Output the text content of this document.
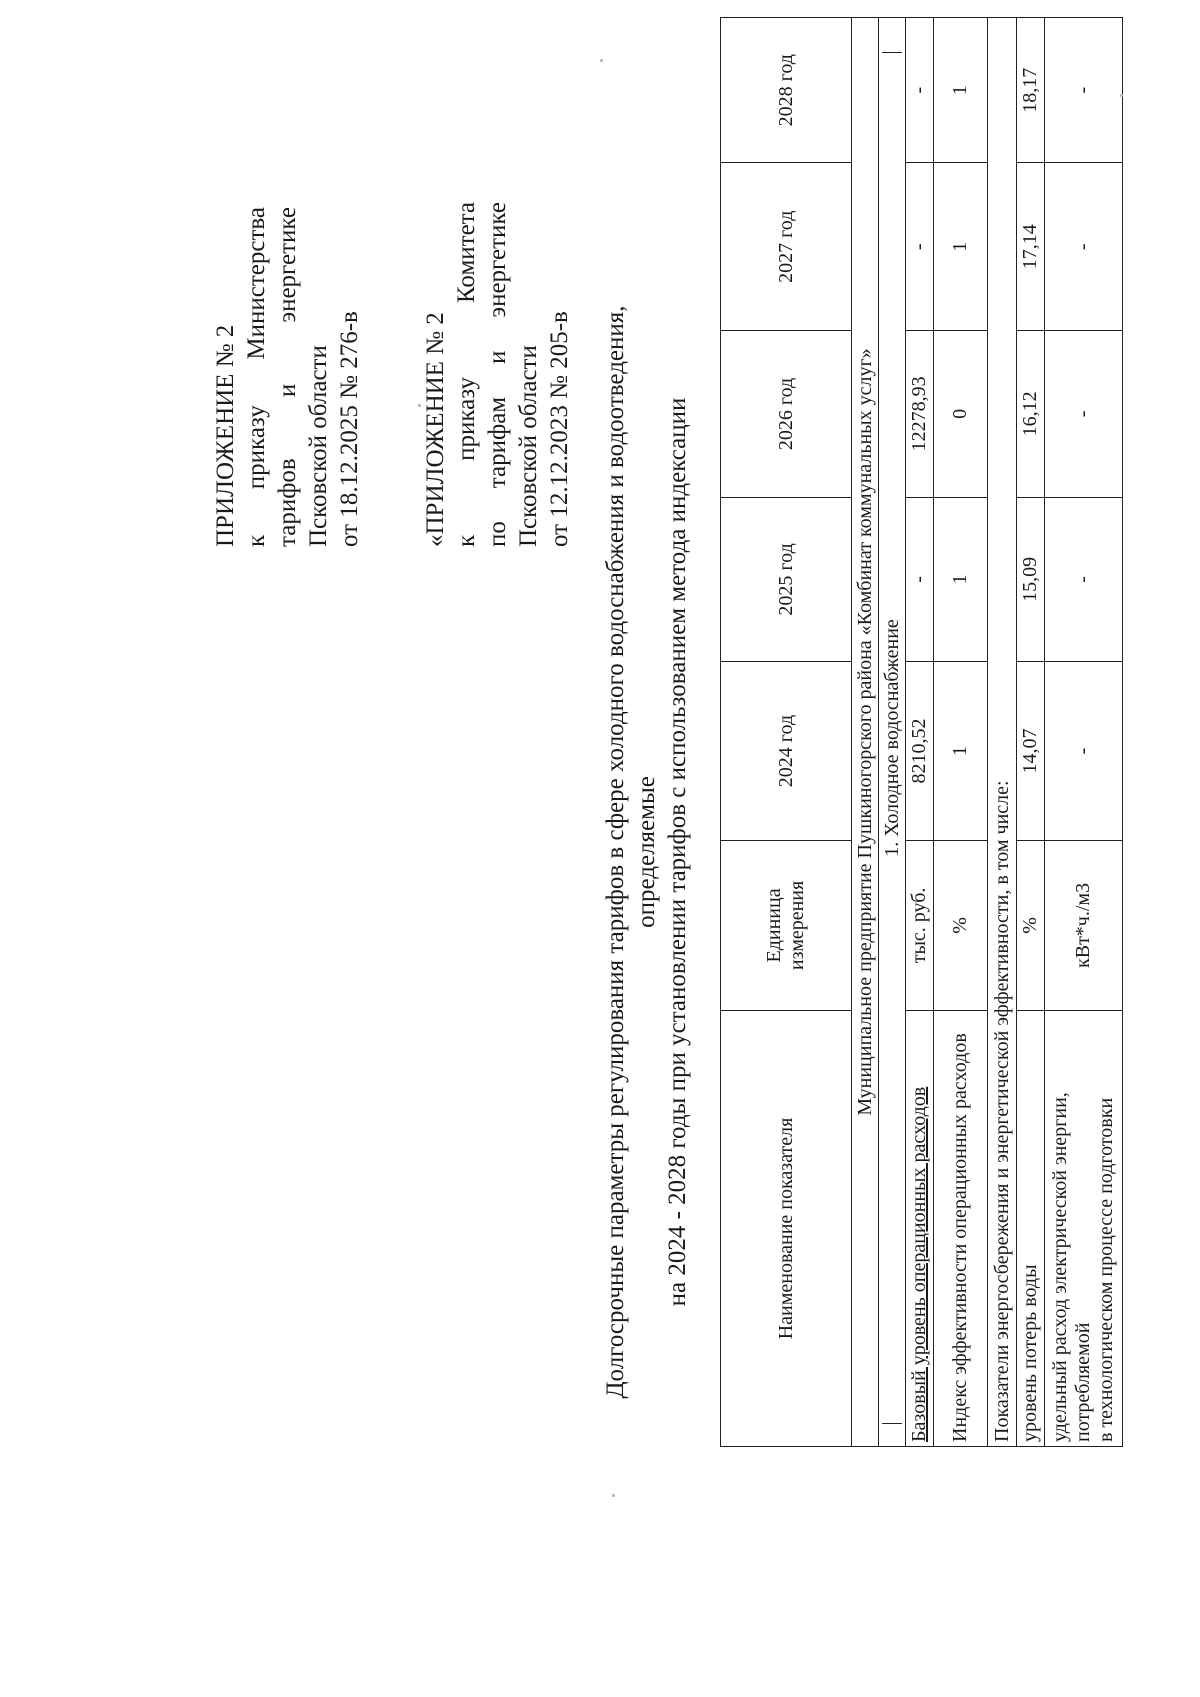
ПРИЛОЖЕНИЕ № 2 к приказу Министерства тарифов и энергетике Псковской области от 18.12.2025 № 276-в «ПРИЛОЖЕНИЕ № 2 к приказу Комитета по тарифам и энергетике Псковской области от 12.12.2023 № 205-в Долгосрочные параметры регулирования тарифов в сфере холодного водоснабжения и водоотведения, определяемые на 2024 - 2028 годы при установлении тарифов с использованием метода индексации	Наименование показателя	Единица измерения	2024 год	2025 год	2026 год	2027 год	2028 год
Муниципальное предприятие Пушкиногорского района «Комбинат коммунальных услуг»						

1. Холодное водоснабжение						

Базовый уровень операционных расходов	тыс. руб.	8210,52	-	12278,93	-	-
Индекс эффективности операционных расходов	%	1	1	0	1	1
Показатели энергосбережения и энергетической эффективности, в том числе:						
уровень потерь воды	%	14,07	15,09	16,12	17,14	18,17
удельный расход электрической энергии, потребляемой
в технологическом процессе подготовки	кВт*ч./м3	-	-	-	-	-
